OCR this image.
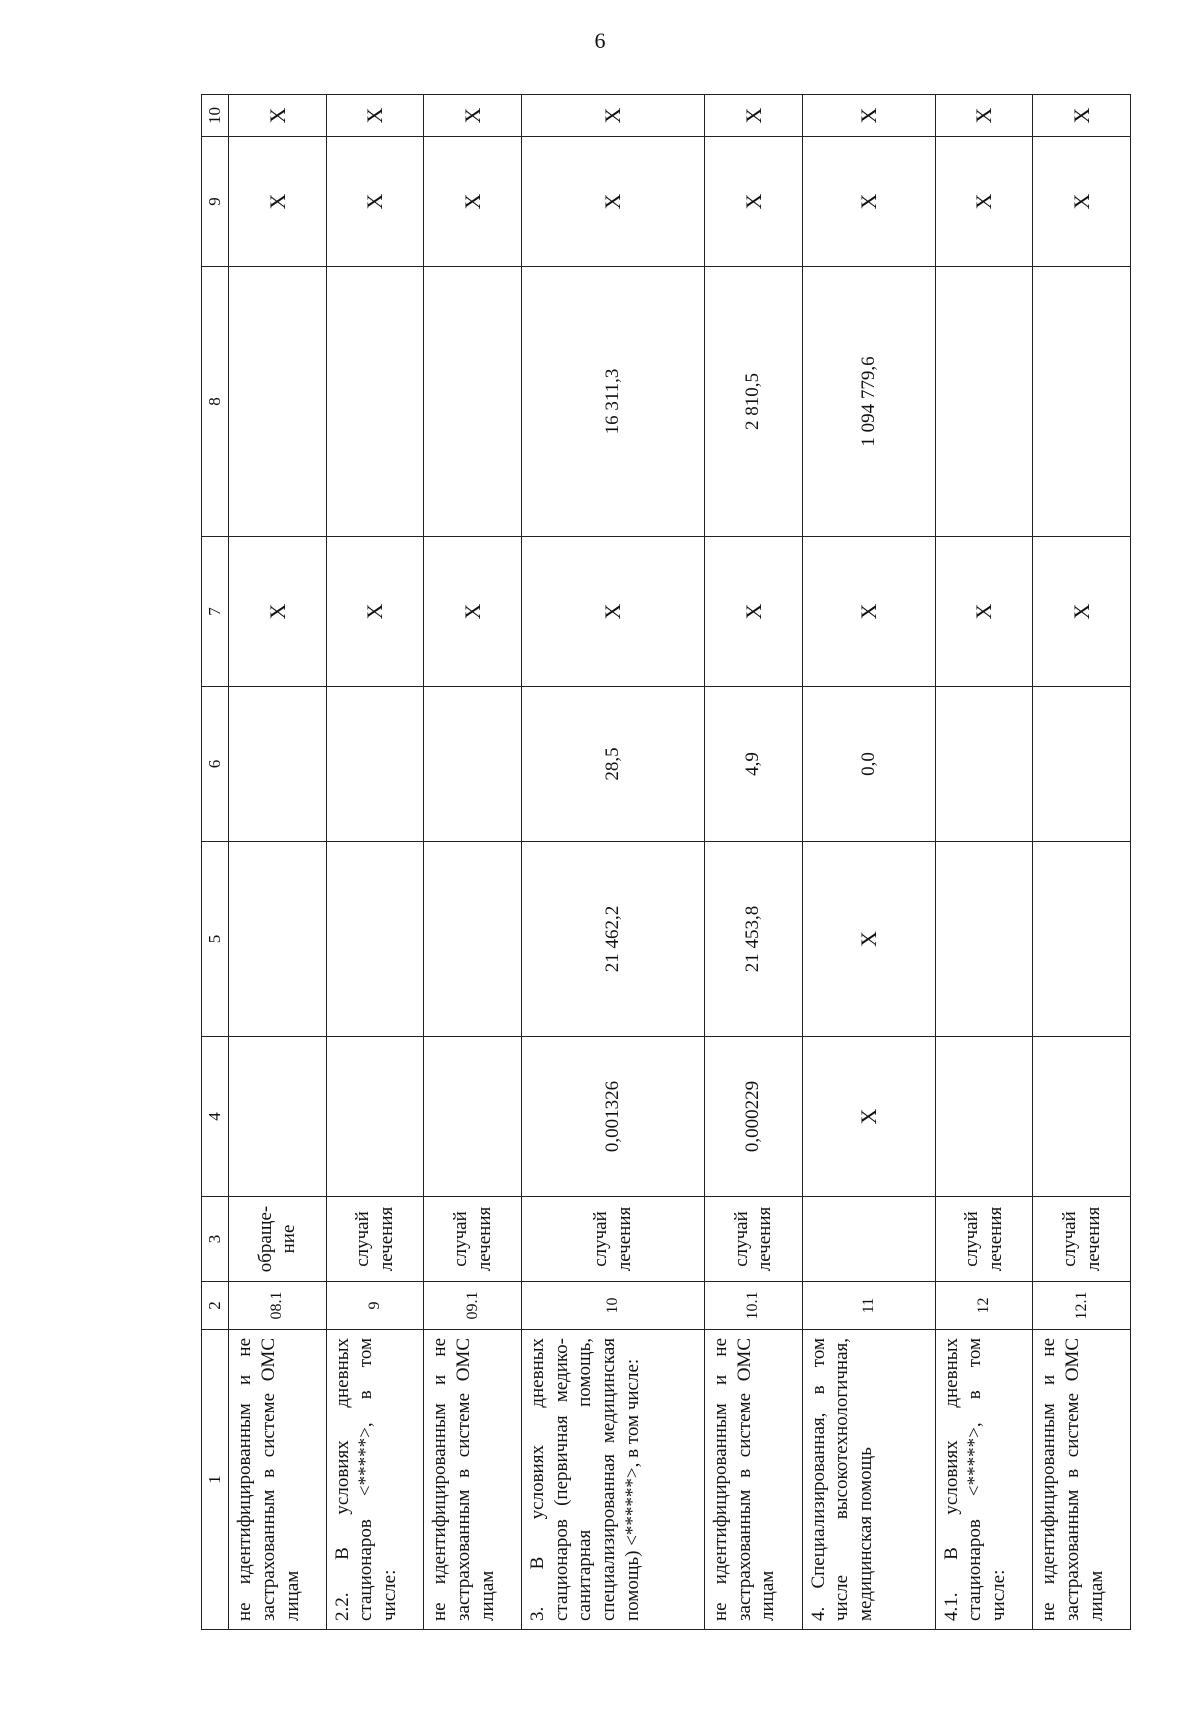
6
1	2	3	4	5	6	7	8	9	10
не идентифицированным и не застрахованным в системе ОМС лицам	08.1	обраще-ние				X		X	X
2.2. В условиях дневных стационаров <*****>, в том числе:	9	случай лечения				X		X	X
не идентифицированным и не застрахованным в системе ОМС лицам	09.1	случай лечения				X		X	X
3. В условиях дневных стационаров (первичная медико-санитарная помощь, специализированная медицинская помощь) <******>, в том числе:	10	случай лечения	0,001326	21 462,2	28,5	X	16 311,3	X	X
не идентифицированным и не застрахованным в системе ОМС лицам	10.1	случай лечения	0,000229	21 453,8	4,9	X	2 810,5	X	X
4. Специализированная, в том числе высокотехнологичная, медицинская помощь	11		X	X	0,0	X	1 094 779,6	X	X
4.1. В условиях дневных стационаров <*****>, в том числе:	12	случай лечения				X		X	X
не идентифицированным и не застрахованным в системе ОМС лицам	12.1	случай лечения				X		X	X
